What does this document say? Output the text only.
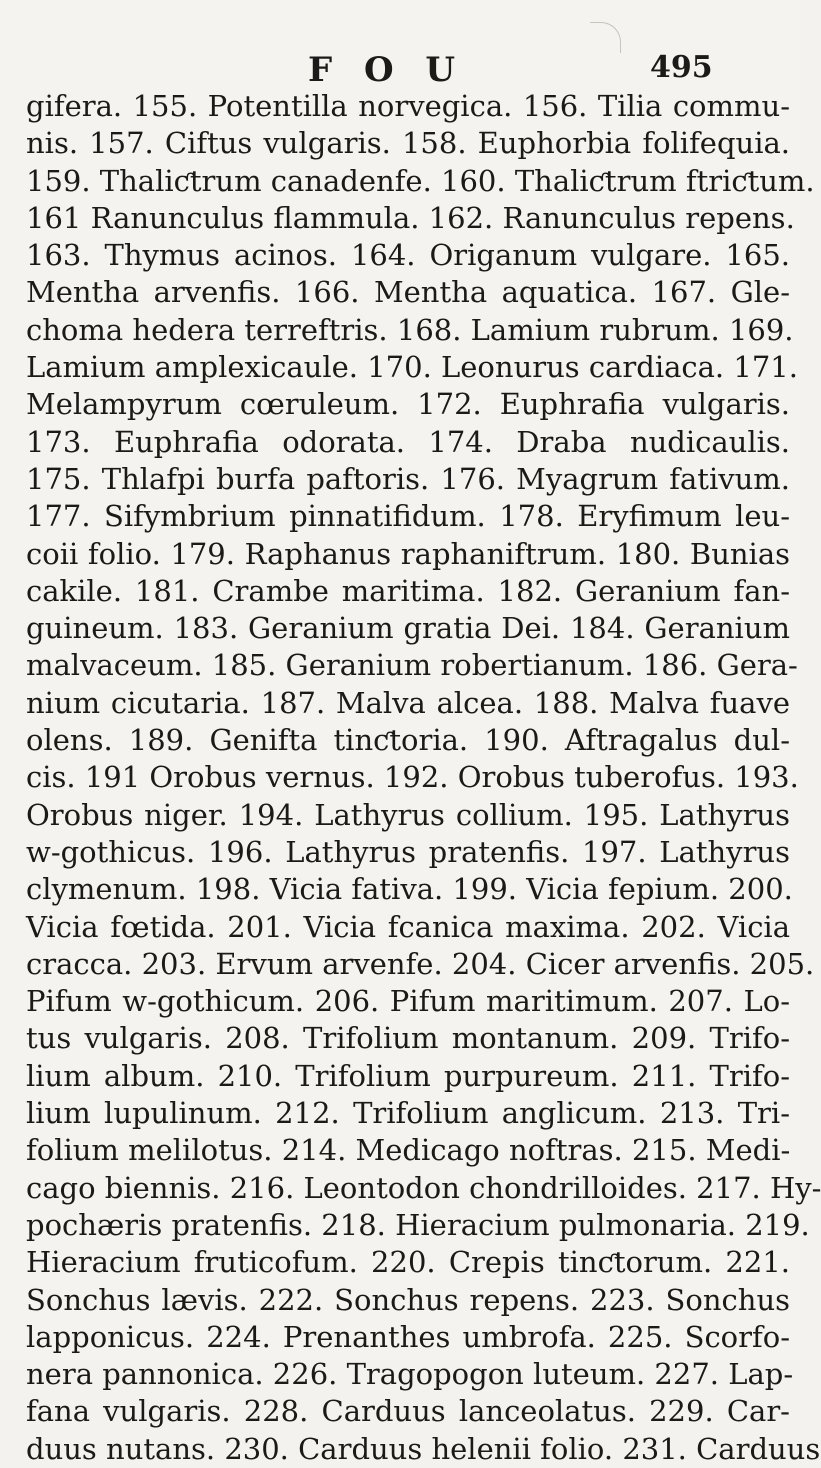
F O U	495
gifera. 155. Potentilla norvegica. 156. Tilia commu-
nis. 157. Ciftus vulgaris. 158. Euphorbia folifequia.
159. Thaliƈtrum canadenfe. 160. Thaliƈtrum ftriƈtum.
161 Ranunculus flammula. 162. Ranunculus repens.
163. Thymus acinos. 164. Origanum vulgare. 165.
Mentha arvenfis. 166. Mentha aquatica. 167. Gle-
choma hedera terreftris. 168. Lamium rubrum. 169.
Lamium amplexicaule. 170. Leonurus cardiaca. 171.
Melampyrum cœruleum. 172. Euphrafia vulgaris.
173. Euphrafia odorata. 174. Draba nudicaulis.
175. Thlafpi burfa paftoris. 176. Myagrum fativum.
177. Sifymbrium pinnatifidum. 178. Eryfimum leu-
coii folio. 179. Raphanus raphaniftrum. 180. Bunias
cakile. 181. Crambe maritima. 182. Geranium fan-
guineum. 183. Geranium gratia Dei. 184. Geranium
malvaceum. 185. Geranium robertianum. 186. Gera-
nium cicutaria. 187. Malva alcea. 188. Malva fuave
olens. 189. Genifta tinƈtoria. 190. Aftragalus dul-
cis. 191 Orobus vernus. 192. Orobus tuberofus. 193.
Orobus niger. 194. Lathyrus collium. 195. Lathyrus
w-gothicus. 196. Lathyrus pratenfis. 197. Lathyrus
clymenum. 198. Vicia fativa. 199. Vicia fepium. 200.
Vicia fœtida. 201. Vicia fcanica maxima. 202. Vicia
cracca. 203. Ervum arvenfe. 204. Cicer arvenfis. 205.
Pifum w-gothicum. 206. Pifum maritimum. 207. Lo-
tus vulgaris. 208. Trifolium montanum. 209. Trifo-
lium album. 210. Trifolium purpureum. 211. Trifo-
lium lupulinum. 212. Trifolium anglicum. 213. Tri-
folium melilotus. 214. Medicago noftras. 215. Medi-
cago biennis. 216. Leontodon chondrilloides. 217. Hy-
pochæris pratenfis. 218. Hieracium pulmonaria. 219.
Hieracium fruticofum. 220. Crepis tinƈtorum. 221.
Sonchus lævis. 222. Sonchus repens. 223. Sonchus
lapponicus. 224. Prenanthes umbrofa. 225. Scorfo-
nera pannonica. 226. Tragopogon luteum. 227. Lap-
fana vulgaris. 228. Carduus lanceolatus. 229. Car-
duus nutans. 230. Carduus helenii folio. 231. Carduus
